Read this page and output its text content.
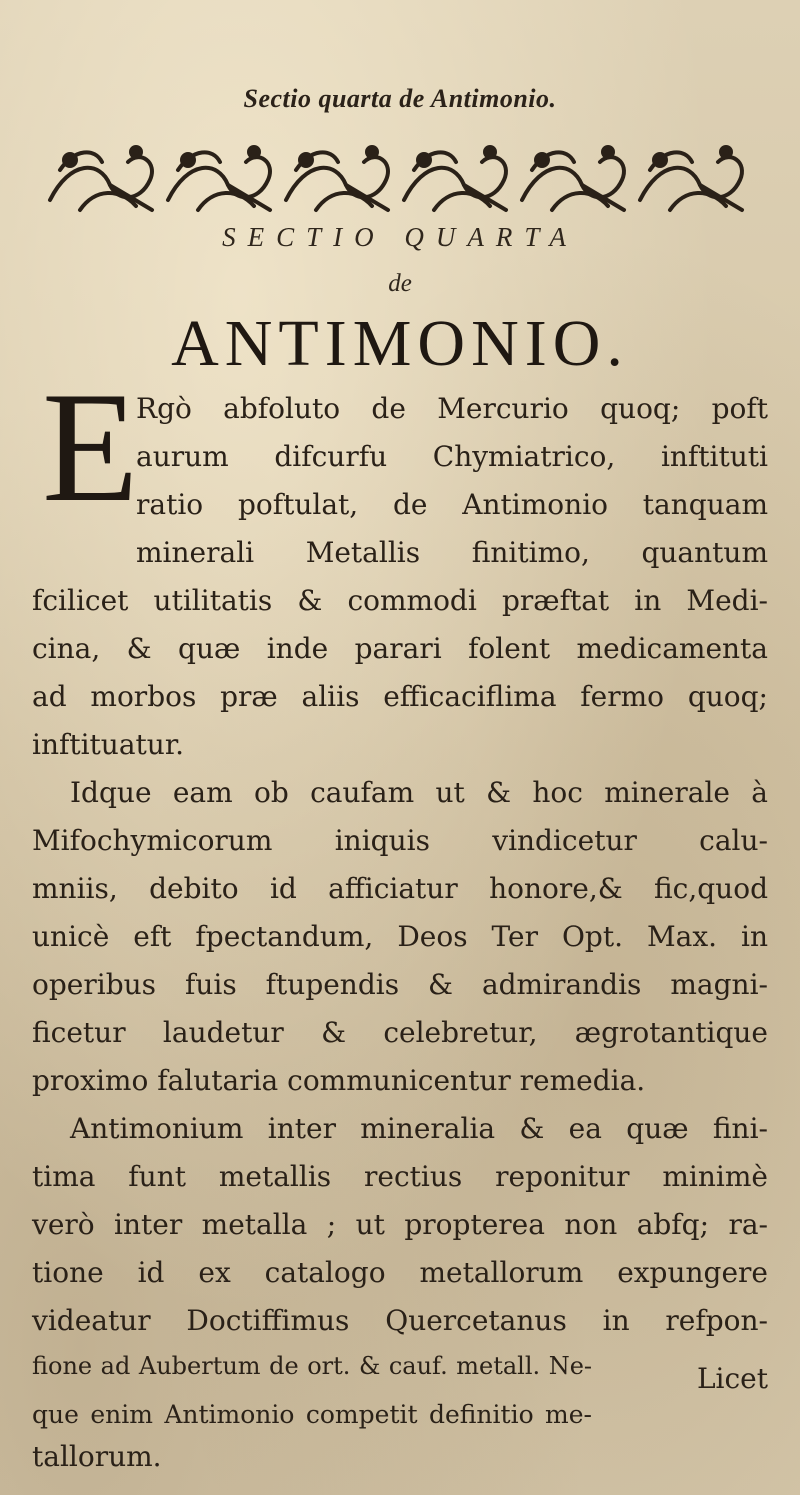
Sectio quarta de Antimonio.
SECTIO QUARTA
de
ANTIMONIO.
E
Rgò abfoluto de Mercurio quoq; poft
aurum difcurfu Chymiatrico, inftituti
ratio poftulat, de Antimonio tanquam
minerali Metallis finitimo, quantum
fcilicet utilitatis & commodi præftat in Medi-
cina, & quæ inde parari folent medicamenta
ad morbos præ aliis efficaciflima fermo quoq;
inftituatur.
Idque eam ob caufam ut & hoc minerale à
Mifochymicorum iniquis vindicetur calu-
mniis, debito id afficiatur honore,& fic,quod
unicè eft fpectandum, Deos Ter Opt. Max. in
operibus fuis ftupendis & admirandis magni-
ficetur laudetur & celebretur, ægrotantique
proximo falutaria communicentur remedia.
Antimonium inter mineralia & ea quæ fini-
tima funt metallis rectius reponitur minimè
verò inter metalla ; ut propterea non abfq; ra-
tione id ex catalogo metallorum expungere
videatur Doctiffimus Quercetanus in refpon-
fione ad Aubertum de ort. & cauf. metall. Ne-
que enim Antimonio competit definitio me-
tallorum.
Licet
